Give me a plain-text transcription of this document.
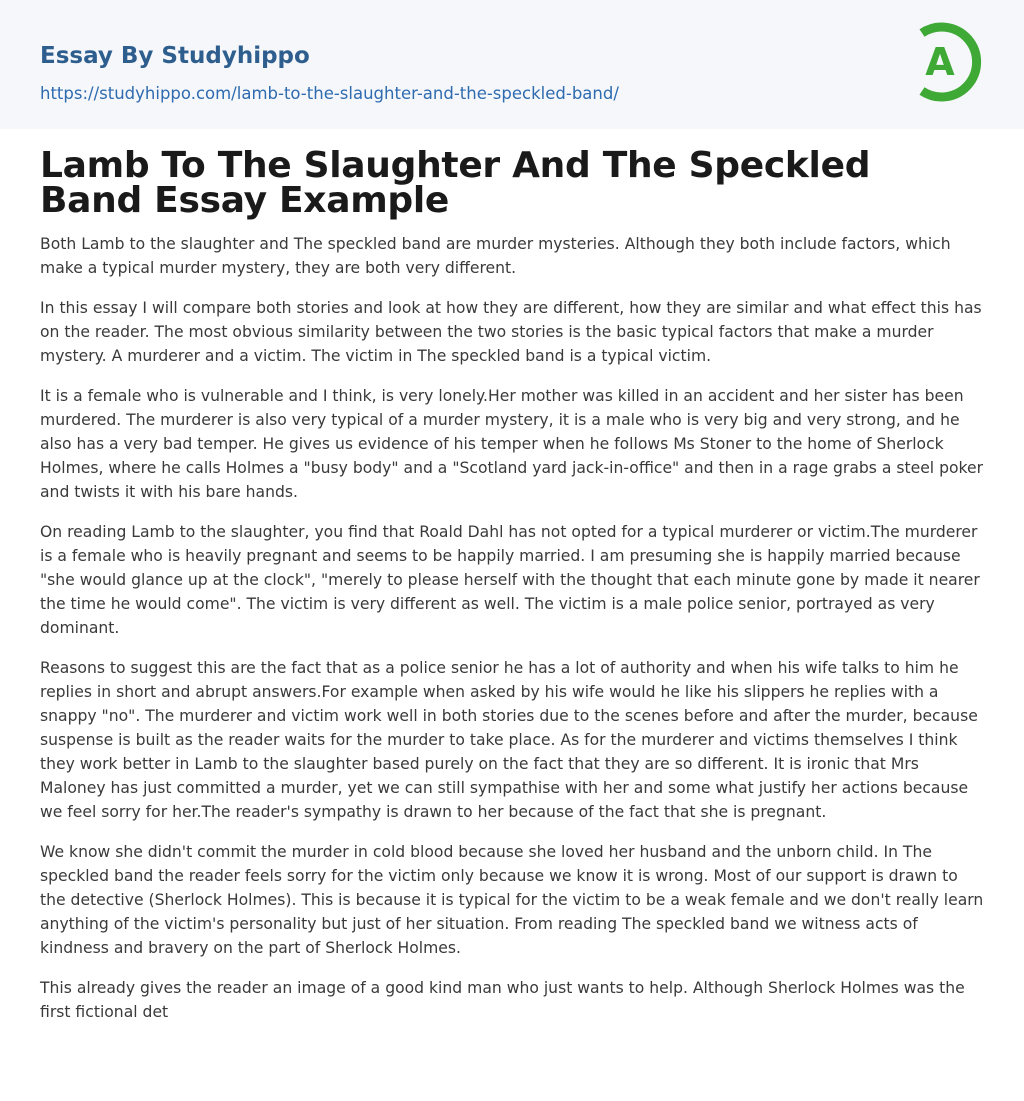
Essay By Studyhippo
https://studyhippo.com/lamb-to-the-slaughter-and-the-speckled-band/
A
Lamb To The Slaughter And The Speckled Band Essay Example

Both Lamb to the slaughter and The speckled band are murder mysteries. Although they both include factors, which make a typical murder mystery, they are both very different.

In this essay I will compare both stories and look at how they are different, how they are similar and what effect this has on the reader. The most obvious similarity between the two stories is the basic typical factors that make a murder mystery. A murderer and a victim. The victim in The speckled band is a typical victim.

It is a female who is vulnerable and I think, is very lonely.Her mother was killed in an accident and her sister has been murdered. The murderer is also very typical of a murder mystery, it is a male who is very big and very strong, and he also has a very bad temper. He gives us evidence of his temper when he follows Ms Stoner to the home of Sherlock Holmes, where he calls Holmes a "busy body" and a "Scotland yard jack-in-office" and then in a rage grabs a steel poker and twists it with his bare hands.

On reading Lamb to the slaughter, you find that Roald Dahl has not opted for a typical murderer or victim.The murderer is a female who is heavily pregnant and seems to be happily married. I am presuming she is happily married because "she would glance up at the clock", "merely to please herself with the thought that each minute gone by made it nearer the time he would come". The victim is very different as well. The victim is a male police senior, portrayed as very dominant.

Reasons to suggest this are the fact that as a police senior he has a lot of authority and when his wife talks to him he replies in short and abrupt answers.For example when asked by his wife would he like his slippers he replies with a snappy "no". The murderer and victim work well in both stories due to the scenes before and after the murder, because suspense is built as the reader waits for the murder to take place. As for the murderer and victims themselves I think they work better in Lamb to the slaughter based purely on the fact that they are so different. It is ironic that Mrs Maloney has just committed a murder, yet we can still sympathise with her and some what justify her actions because we feel sorry for her.The reader's sympathy is drawn to her because of the fact that she is pregnant.

We know she didn't commit the murder in cold blood because she loved her husband and the unborn child. In The speckled band the reader feels sorry for the victim only because we know it is wrong. Most of our support is drawn to the detective (Sherlock Holmes). This is because it is typical for the victim to be a weak female and we don't really learn anything of the victim's personality but just of her situation. From reading The speckled band we witness acts of kindness and bravery on the part of Sherlock Holmes.

This already gives the reader an image of a good kind man who just wants to help. Although Sherlock Holmes was the first fictional det
